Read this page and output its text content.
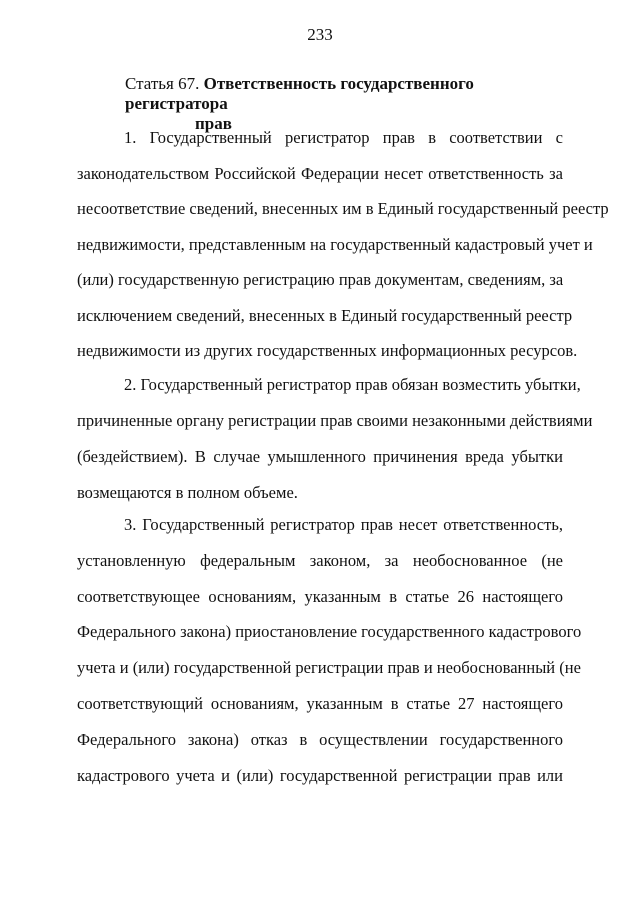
233
Статья 67. Ответственность государственного регистратора
прав
1. Государственный регистратор прав в соответствии с
законодательством Российской Федерации несет ответственность за
несоответствие сведений, внесенных им в Единый государственный реестр
недвижимости, представленным на государственный кадастровый учет и
(или) государственную регистрацию прав документам, сведениям, за
исключением сведений, внесенных в Единый государственный реестр
недвижимости из других государственных информационных ресурсов.
2. Государственный регистратор прав обязан возместить убытки,
причиненные органу регистрации прав своими незаконными действиями
(бездействием). В случае умышленного причинения вреда убытки
возмещаются в полном объеме.
3. Государственный регистратор прав несет ответственность,
установленную федеральным законом, за необоснованное (не
соответствующее основаниям, указанным в статье 26 настоящего
Федерального закона) приостановление государственного кадастрового
учета и (или) государственной регистрации прав и необоснованный (не
соответствующий основаниям, указанным в статье 27 настоящего
Федерального закона) отказ в осуществлении государственного
кадастрового учета и (или) государственной регистрации прав или
